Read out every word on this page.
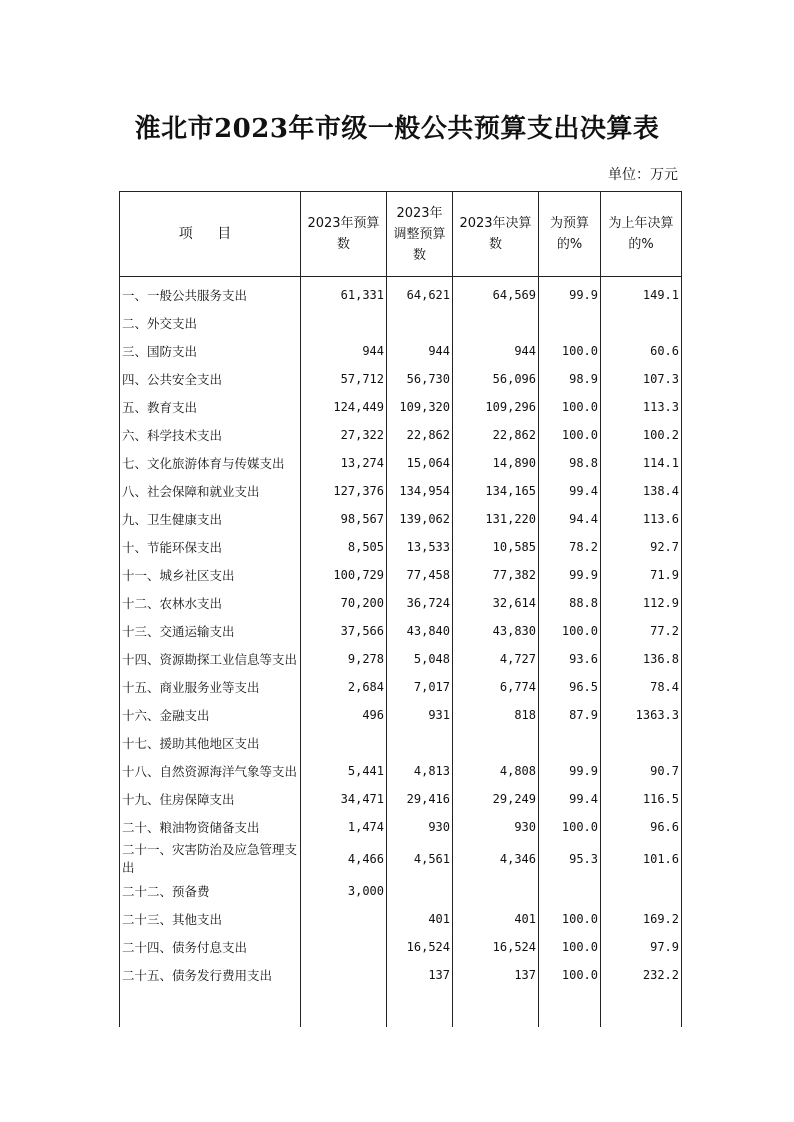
淮北市2023年市级一般公共预算支出决算表
单位：万元
项 目	2023年预算数	2023年调整预算数	2023年决算数	为预算的%	为上年决算的%
一、一般公共服务支出	61,331	64,621	64,569	99.9	149.1
二、外交支出					
三、国防支出	944	944	944	100.0	60.6
四、公共安全支出	57,712	56,730	56,096	98.9	107.3
五、教育支出	124,449	109,320	109,296	100.0	113.3
六、科学技术支出	27,322	22,862	22,862	100.0	100.2
七、文化旅游体育与传媒支出	13,274	15,064	14,890	98.8	114.1
八、社会保障和就业支出	127,376	134,954	134,165	99.4	138.4
九、卫生健康支出	98,567	139,062	131,220	94.4	113.6
十、节能环保支出	8,505	13,533	10,585	78.2	92.7
十一、城乡社区支出	100,729	77,458	77,382	99.9	71.9
十二、农林水支出	70,200	36,724	32,614	88.8	112.9
十三、交通运输支出	37,566	43,840	43,830	100.0	77.2
十四、资源勘探工业信息等支出	9,278	5,048	4,727	93.6	136.8
十五、商业服务业等支出	2,684	7,017	6,774	96.5	78.4
十六、金融支出	496	931	818	87.9	1363.3
十七、援助其他地区支出					
十八、自然资源海洋气象等支出	5,441	4,813	4,808	99.9	90.7
十九、住房保障支出	34,471	29,416	29,249	99.4	116.5
二十、粮油物资储备支出	1,474	930	930	100.0	96.6
二十一、灾害防治及应急管理支出	4,466	4,561	4,346	95.3	101.6
二十二、预备费	3,000				
二十三、其他支出		401	401	100.0	169.2
二十四、债务付息支出		16,524	16,524	100.0	97.9
二十五、债务发行费用支出		137	137	100.0	232.2
